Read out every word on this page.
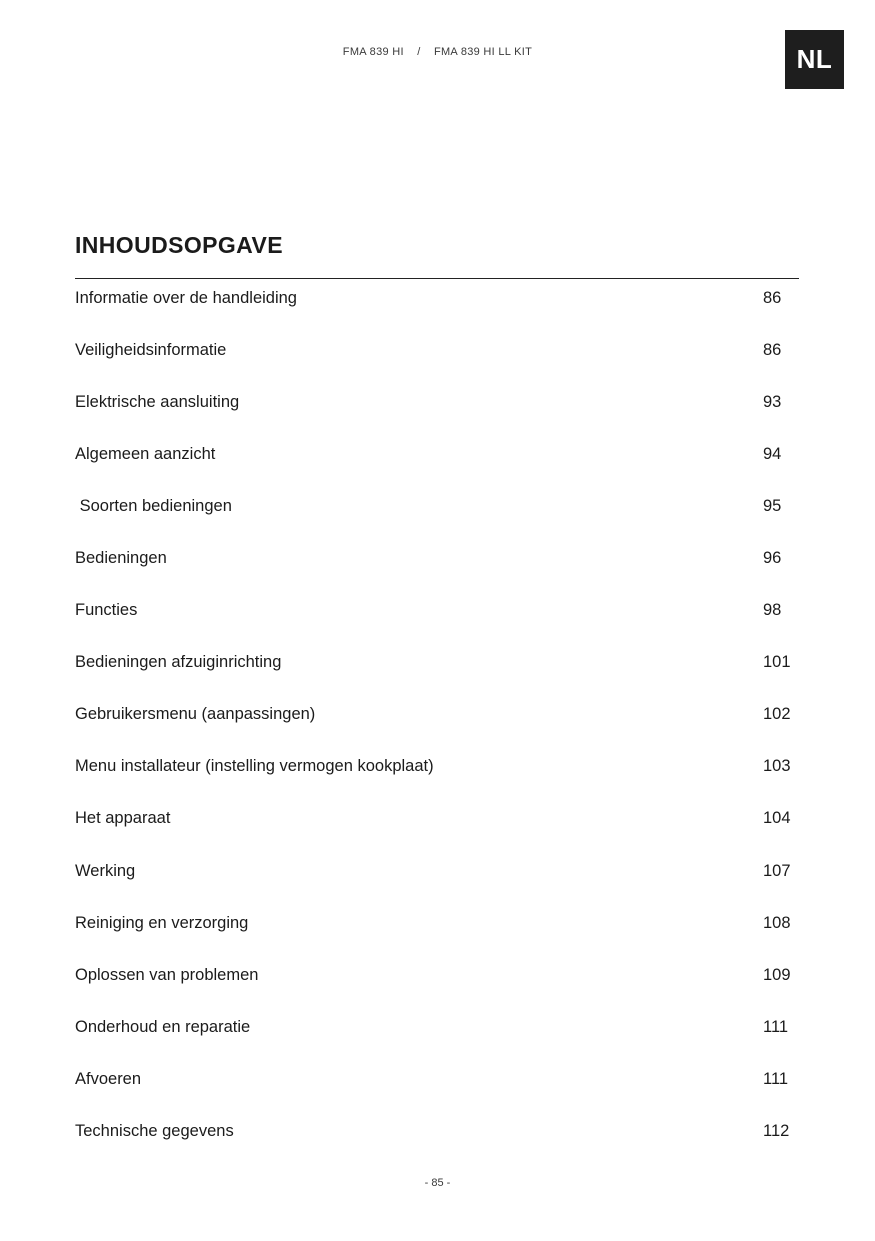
FMA 839 HI / FMA 839 HI LL KIT	NL
INHOUDSOPGAVE
Informatie over de handleiding	86
Veiligheidsinformatie	86
Elektrische aansluiting	93
Algemeen aanzicht	94
Soorten bedieningen	95
Bedieningen	96
Functies	98
Bedieningen afzuiginrichting	101
Gebruikersmenu (aanpassingen)	102
Menu installateur (instelling vermogen kookplaat)	103
Het apparaat	104
Werking	107
Reiniging en verzorging	108
Oplossen van problemen	109
Onderhoud en reparatie	111
Afvoeren	111
Technische gegevens	112
- 85 -
